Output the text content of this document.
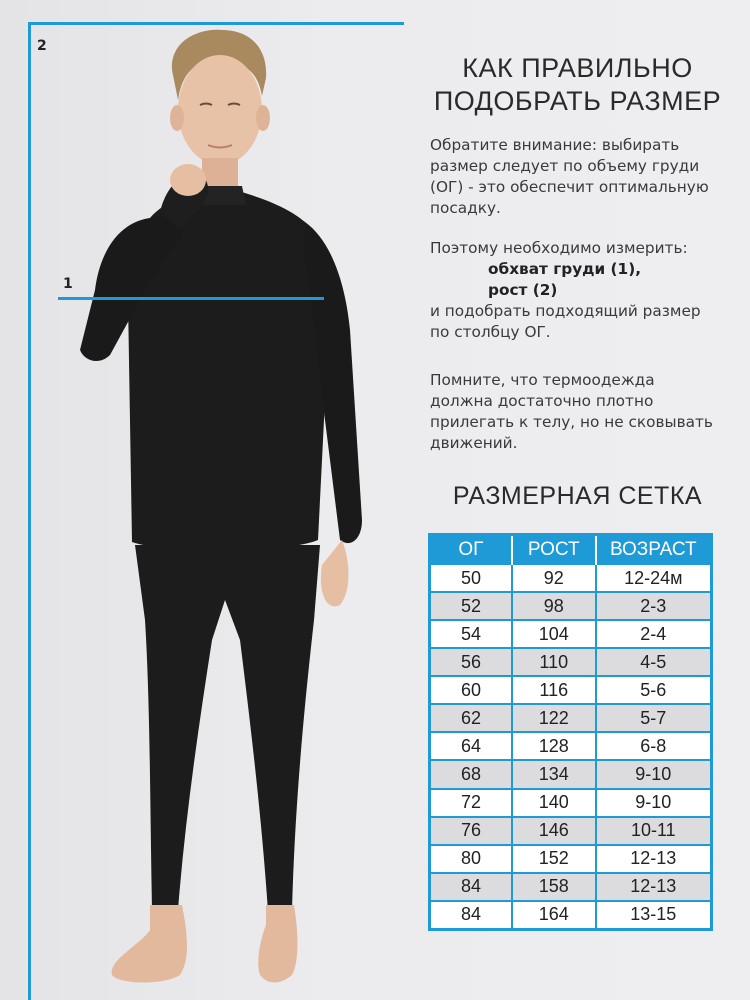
2
1
КАК ПРАВИЛЬНО
ПОДОБРАТЬ РАЗМЕР
Обратите внимание: выбирать
размер следует по объему груди
(ОГ) - это обеспечит оптимальную
посадку.
Поэтому необходимо измерить:
обхват груди (1),
рост (2)
и подобрать подходящий размер
по столбцу ОГ.
Помните, что термоодежда
должна достаточно плотно
прилегать к телу, но не сковывать
движений.
РАЗМЕРНАЯ СЕТКА
ОГ	РОСТ	ВОЗРАСТ
50	92	12-24м
52	98	2-3
54	104	2-4
56	110	4-5
60	116	5-6
62	122	5-7
64	128	6-8
68	134	9-10
72	140	9-10
76	146	10-11
80	152	12-13
84	158	12-13
84	164	13-15
